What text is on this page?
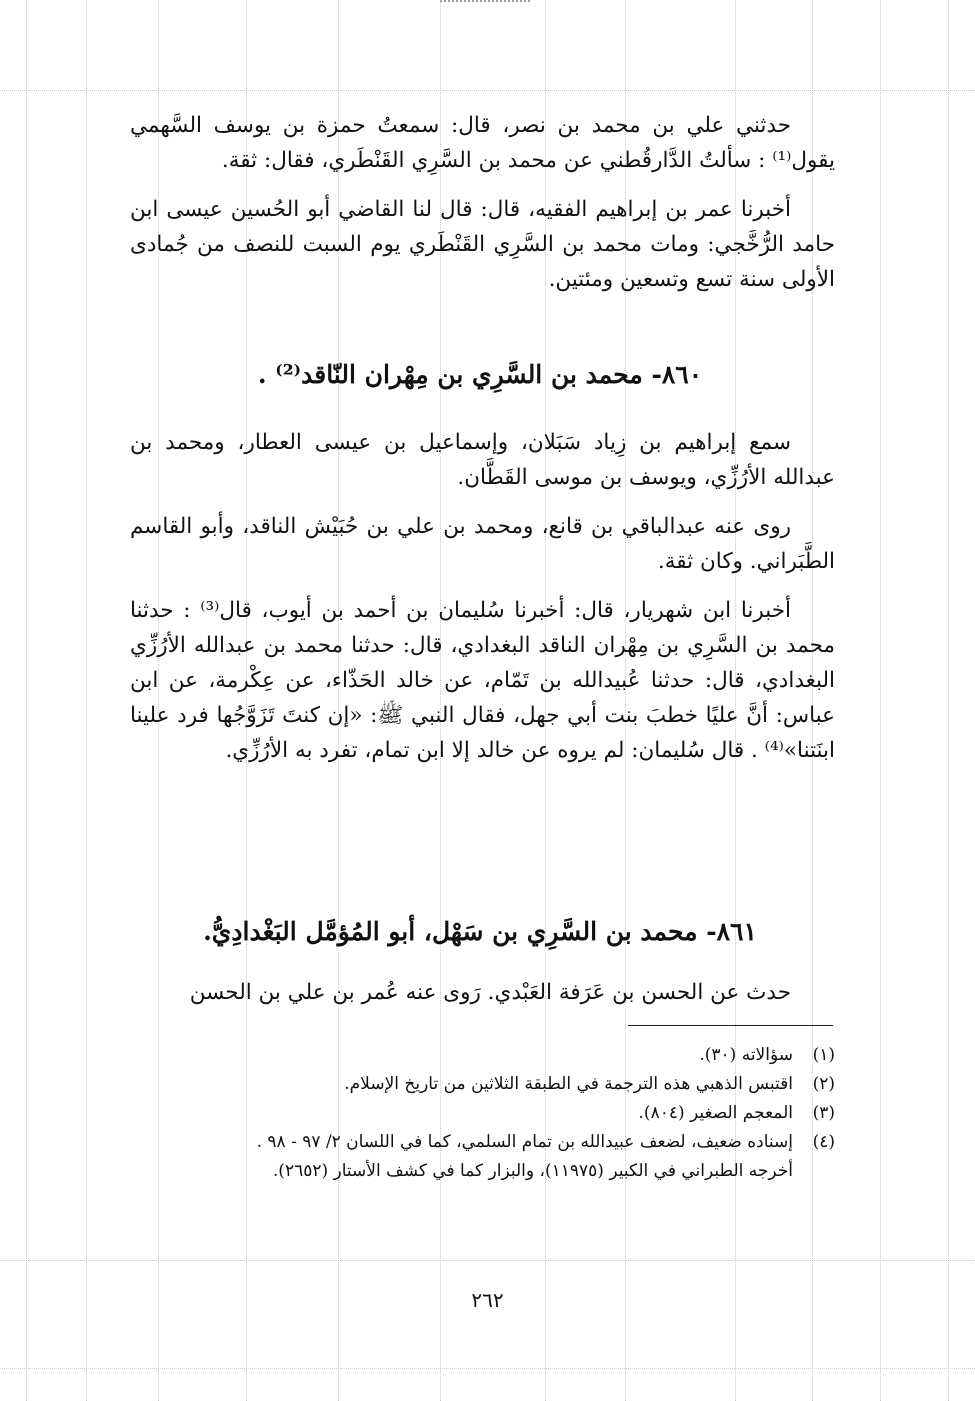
حدثني علي بن محمد بن نصر، قال: سمعتُ حمزة بن يوسف السَّهمي يقول⁽¹⁾ : سألتُ الدَّارقُطني عن محمد بن السَّرِي القَنْطَري، فقال: ثقة.

أخبرنا عمر بن إبراهيم الفقيه، قال: قال لنا القاضي أبو الحُسين عيسى ابن حامد الرُّخَّجي: ومات محمد بن السَّرِي القَنْطَري يوم السبت للنصف من جُمادى الأولى سنة تسع وتسعين ومئتين.

٨٦٠- محمد بن السَّرِي بن مِهْران النّاقد⁽²⁾ .

سمع إبراهيم بن زِياد سَبَلان، وإسماعيل بن عيسى العطار، ومحمد بن عبدالله الأرُزِّي، ويوسف بن موسى القَطَّان.

روى عنه عبدالباقي بن قانع، ومحمد بن علي بن حُبَيْش الناقد، وأبو القاسم الطَّبَراني. وكان ثقة.

أخبرنا ابن شهريار، قال: أخبرنا سُليمان بن أحمد بن أيوب، قال⁽³⁾ : حدثنا محمد بن السَّرِي بن مِهْران الناقد البغدادي، قال: حدثنا محمد بن عبدالله الأرُزِّي البغدادي، قال: حدثنا عُبيدالله بن تَمّام، عن خالد الحَذّاء، عن عِكْرمة، عن ابن عباس: أنَّ عليًا خطبَ بنت أبي جهل، فقال النبي ﷺ: «إن كنتَ تَزَوَّجُها فرد علينا ابنَتنا»⁽⁴⁾ . قال سُليمان: لم يروه عن خالد إلا ابن تمام، تفرد به الأرُزِّي.

٨٦١- محمد بن السَّرِي بن سَهْل، أبو المُؤمَّل البَغْدادِيُّ.

حدث عن الحسن بن عَرَفة العَبْدي. رَوى عنه عُمر بن علي بن الحسن

(١)
سؤالاته (٣٠).
(٢)
اقتبس الذهبي هذه الترجمة في الطبقة الثلاثين من تاريخ الإسلام.
(٣)
المعجم الصغير (٨٠٤).
(٤)
إسناده ضعيف، لضعف عبيدالله بن تمام السلمي، كما في اللسان ٢/ ٩٧ - ٩٨ .
أخرجه الطبراني في الكبير (١١٩٧٥)، والبزار كما في كشف الأستار (٢٦٥٢).
٢٦٢
